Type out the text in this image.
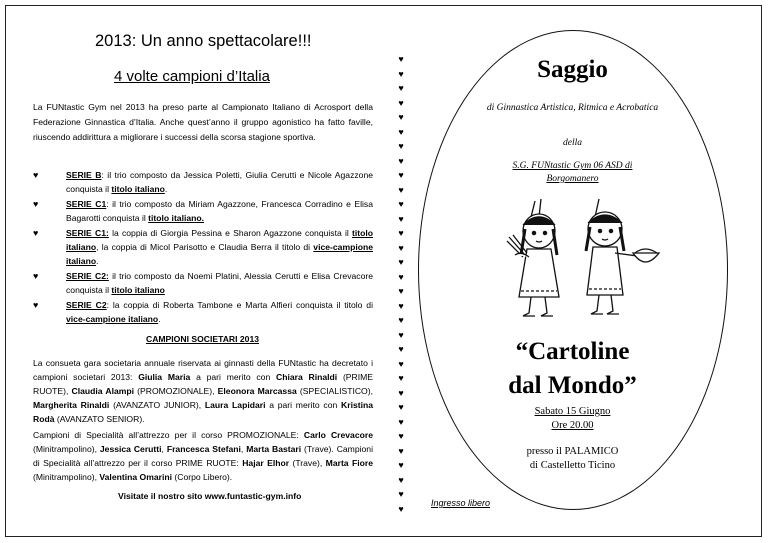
2013: Un anno spettacolare!!!
4 volte campioni d’Italia

La FUNtastic Gym nel 2013 ha preso parte al Campionato Italiano di Acrosport della Federazione Ginnastica d’Italia. Anche quest’anno il gruppo agonistico ha fatto faville, riuscendo addirittura a migliorare i successi della scorsa stagione sportiva.

♥	SERIE B: il trio composto da Jessica Poletti, Giulia Cerutti e Nicole Agazzone conquista il titolo italiano.
♥	SERIE C1: il trio composto da Miriam Agazzone, Francesca Corradino e Elisa Bagarotti conquista il titolo italiano.
♥	SERIE C1: la coppia di Giorgia Pessina e Sharon Agazzone conquista il titolo italiano, la coppia di Micol Parisotto e Claudia Berra il titolo di vice-campione italiano.
♥	SERIE C2: il trio composto da Noemi Platini, Alessia Cerutti e Elisa Crevacore conquista il titolo italiano
♥	SERIE C2: la coppia di Roberta Tambone e Marta Alfieri conquista il titolo di vice-campione italiano.

CAMPIONI SOCIETARI 2013

La consueta gara societaria annuale riservata ai ginnasti della FUNtastic ha decretato i campioni societari 2013: Giulia Maria a pari merito con Chiara Rinaldi (PRIME RUOTE), Claudia Alampi (PROMOZIONALE), Eleonora Marcassa (SPECIALISTICO), Margherita Rinaldi (AVANZATO JUNIOR), Laura Lapidari a pari merito con Kristina Rodà (AVANZATO SENIOR).

Campioni di Specialità all’attrezzo per il corso PROMOZIONALE: Carlo Crevacore (Minitrampolino), Jessica Cerutti, Francesca Stefani, Marta Bastari (Trave). Campioni di Specialità all’attrezzo per il corso PRIME RUOTE: Hajar Elhor (Trave), Marta Fiore (Minitrampolino), Valentina Omarini (Corpo Libero).

Visitate il nostro sito www.funtastic-gym.info

♥
♥
♥
♥
♥
♥
♥
♥
♥
♥
♥
♥
♥
♥
♥
♥
♥
♥
♥
♥
♥
♥
♥
♥
♥
♥
♥
♥
♥
♥
♥
♥
Saggio
di Ginnastica Artistica, Ritmica e Acrobatica
della
S.G. FUNtastic Gym 06 ASD di
Borgomanero
“Cartoline
dal Mondo”
Sabato 15 Giugno
Ore 20.00
presso il PALAMICO
di Castelletto Ticino

Ingresso libero
